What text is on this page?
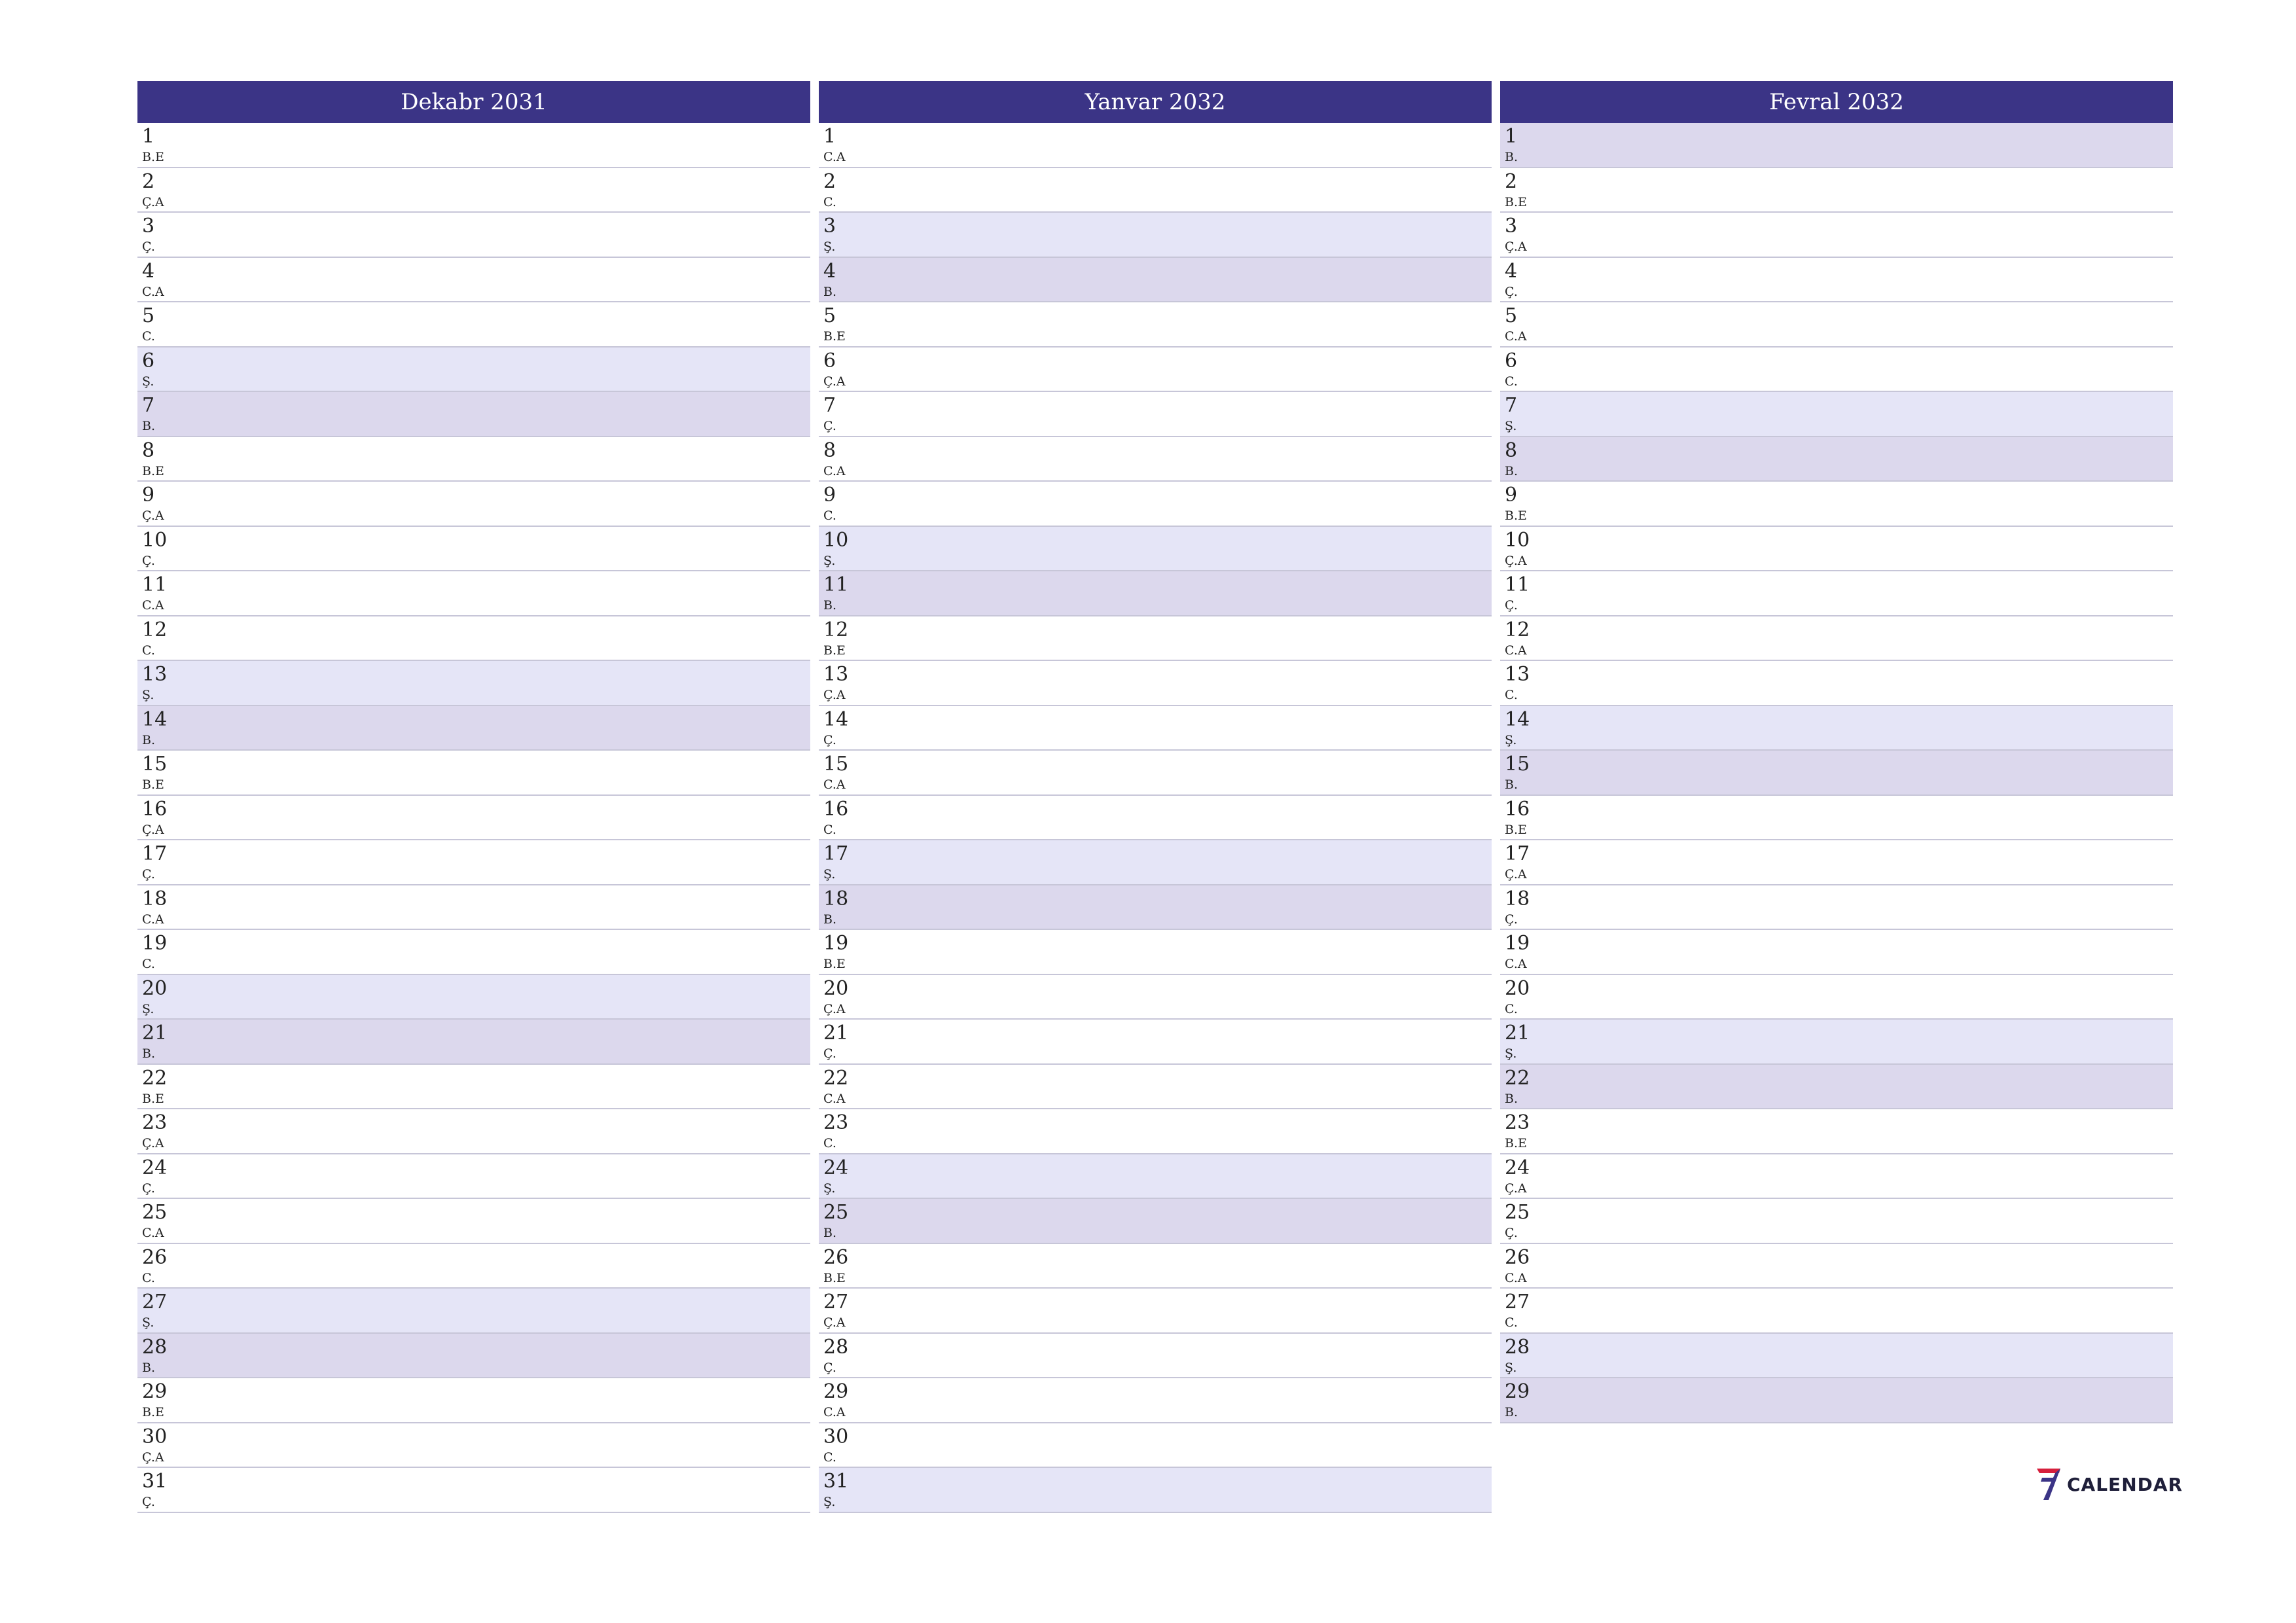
Dekabr 2031
1
B.E
2
Ç.A
3
Ç.
4
C.A
5
C.
6
Ş.
7
B.
8
B.E
9
Ç.A
10
Ç.
11
C.A
12
C.
13
Ş.
14
B.
15
B.E
16
Ç.A
17
Ç.
18
C.A
19
C.
20
Ş.
21
B.
22
B.E
23
Ç.A
24
Ç.
25
C.A
26
C.
27
Ş.
28
B.
29
B.E
30
Ç.A
31
Ç.
Yanvar 2032
1
C.A
2
C.
3
Ş.
4
B.
5
B.E
6
Ç.A
7
Ç.
8
C.A
9
C.
10
Ş.
11
B.
12
B.E
13
Ç.A
14
Ç.
15
C.A
16
C.
17
Ş.
18
B.
19
B.E
20
Ç.A
21
Ç.
22
C.A
23
C.
24
Ş.
25
B.
26
B.E
27
Ç.A
28
Ç.
29
C.A
30
C.
31
Ş.
Fevral 2032
1
B.
2
B.E
3
Ç.A
4
Ç.
5
C.A
6
C.
7
Ş.
8
B.
9
B.E
10
Ç.A
11
Ç.
12
C.A
13
C.
14
Ş.
15
B.
16
B.E
17
Ç.A
18
Ç.
19
C.A
20
C.
21
Ş.
22
B.
23
B.E
24
Ç.A
25
Ç.
26
C.A
27
C.
28
Ş.
29
B.
CALENDAR
